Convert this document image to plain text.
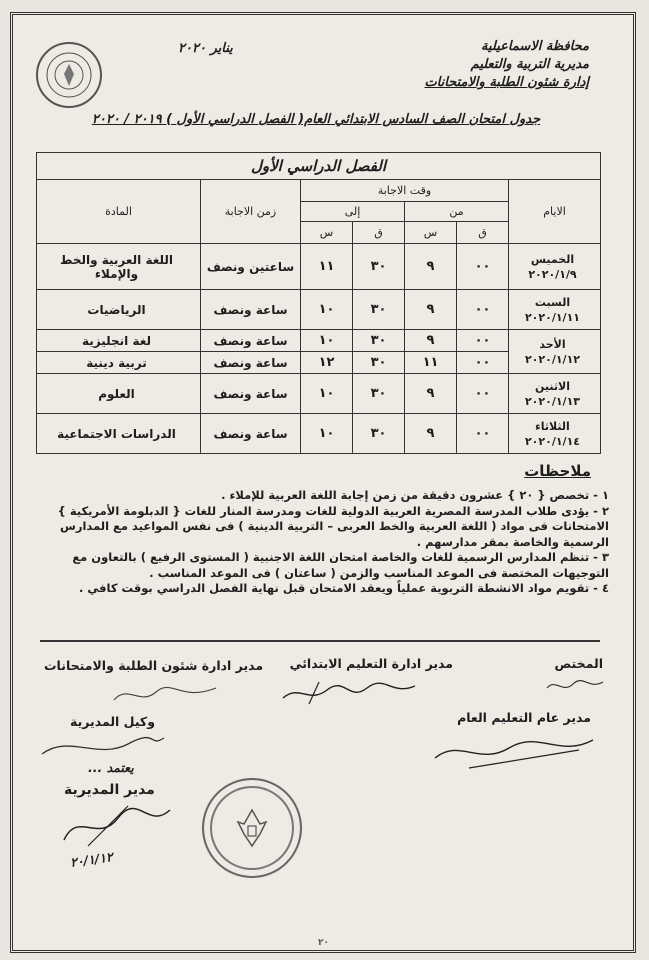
محافظة الاسماعيلية
مديرية التربية والتعليم
إدارة شئون الطلبة والامتحانات
يناير ٢٠٢٠
جدول امتحان الصف السادس الابتدائي العام( الفصل الدراسي الأول ) ٢٠١٩ / ٢٠٢٠
الفصل الدراسي الأول						
الايام	وقت الاجابة				زمن الاجابة	المادة
	من		إلى			
	ق	س	ق	س		

الخميس
٢٠٢٠/١/٩	٠٠	٩	٣٠	١١	ساعتين ونصف	اللغة العربية والخط والإملاء

السبت
٢٠٢٠/١/١١	٠٠	٩	٣٠	١٠	ساعة ونصف	الرياضيات

الأحد
٢٠٢٠/١/١٢	٠٠	٩	٣٠	١٠	ساعة ونصف	لغة انجليزية
	٠٠	١١	٣٠	١٢	ساعة ونصف	تربية دينية

الاثنين
٢٠٢٠/١/١٣	٠٠	٩	٣٠	١٠	ساعة ونصف	العلوم

الثلاثاء
٢٠٢٠/١/١٤	٠٠	٩	٣٠	١٠	ساعة ونصف	الدراسات الاجتماعية
ملاحظات
١ - تخصص { ٢٠ } عشرون دقيقة من زمن إجابة اللغة العربية للإملاء .
٢ - يؤدى طلاب المدرسة المصرية العربية الدولية للغات ومدرسة المنار للغات { الدبلومة الأمريكية } الامتحانات فى مواد ( اللغة العربية والخط العربى – التربية الدينية ) فى نفس المواعيد مع المدارس الرسمية والخاصة بمقر مدارسهم .
٣ - تنظم المدارس الرسمية للغات والخاصة امتحان اللغة الاجنبية ( المستوى الرفيع ) بالتعاون مع التوجيهات المختصة فى الموعد المناسب والزمن ( ساعتان ) فى الموعد المناسب .
٤ - تقويم مواد الانشطة التربوية عملياً ويعقد الامتحان قبل نهاية الفصل الدراسي بوقت كافي .
المختص
مدير ادارة التعليم الابتدائي
مدير ادارة شئون الطلبة والامتحانات
مدير عام التعليم العام
وكيل المديرية
يعتمد ...
مدير المديرية
٢٠/١/١٢
٢٠
